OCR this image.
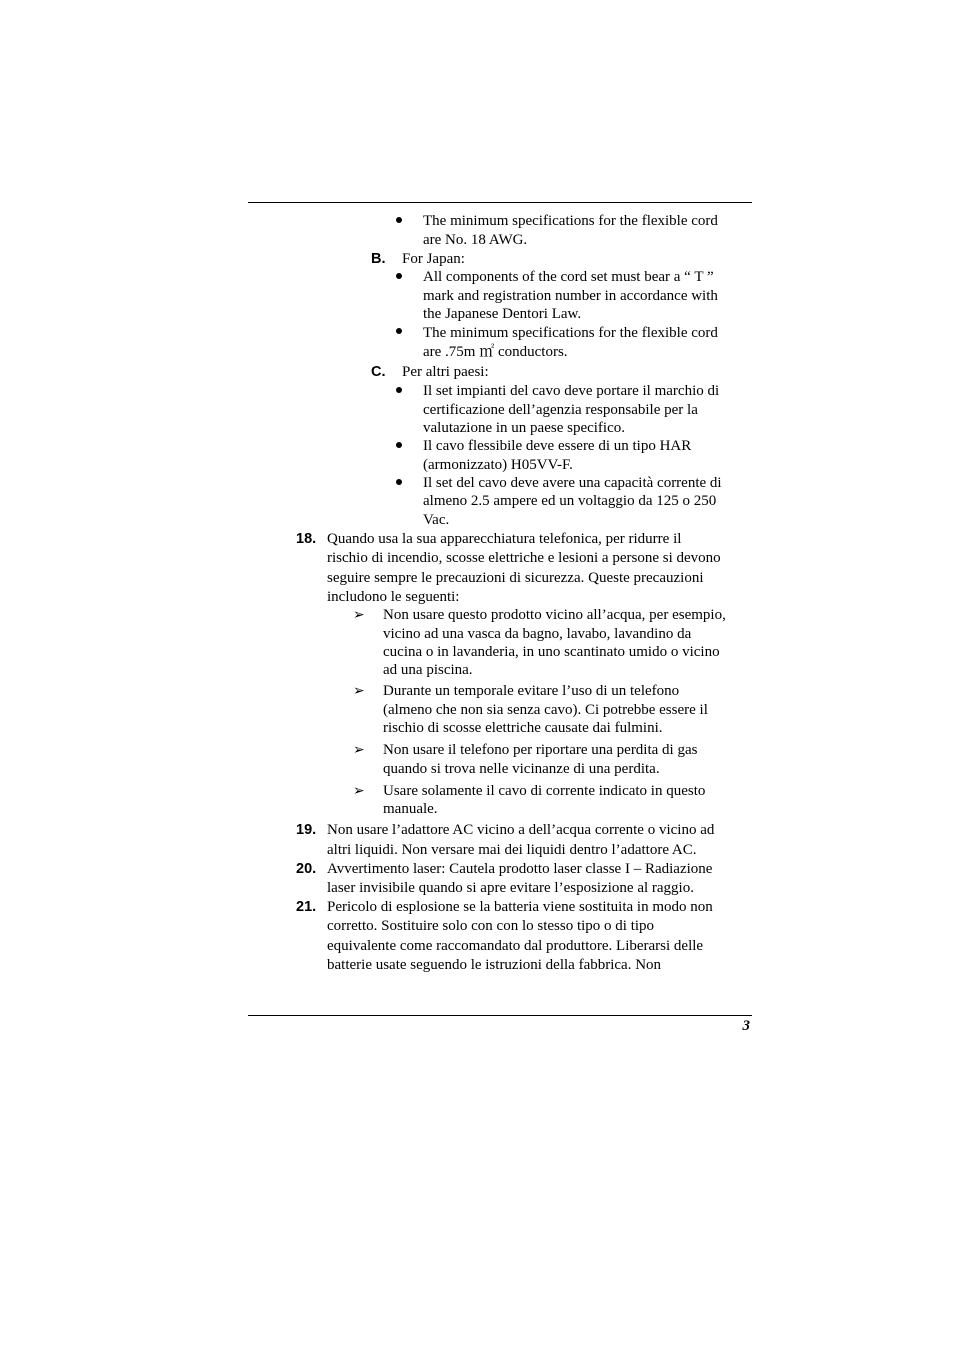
The minimum specifications for the flexible cord
are No. 18 AWG.
B. For Japan:
All components of the cord set must bear a “ T ”
mark and registration number in accordance with
the Japanese Dentori Law.
The minimum specifications for the flexible cord
are .75m ㎡ conductors.
C. Per altri paesi:
Il set impianti del cavo deve portare il marchio di
certificazione dell’agenzia responsabile per la
valutazione in un paese specifico.
Il cavo flessibile deve essere di un tipo HAR
(armonizzato) H05VV-F.
Il set del cavo deve avere una capacità corrente di
almeno 2.5 ampere ed un voltaggio da 125 o 250
Vac.
18. Quando usa la sua apparecchiatura telefonica, per ridurre il
rischio di incendio, scosse elettriche e lesioni a persone si devono
seguire sempre le precauzioni di sicurezza. Queste precauzioni
includono le seguenti:
➢ Non usare questo prodotto vicino all’acqua, per esempio,
vicino ad una vasca da bagno, lavabo, lavandino da
cucina o in lavanderia, in uno scantinato umido o vicino
ad una piscina.
➢ Durante un temporale evitare l’uso di un telefono
(almeno che non sia senza cavo). Ci potrebbe essere il
rischio di scosse elettriche causate dai fulmini.
➢ Non usare il telefono per riportare una perdita di gas
quando si trova nelle vicinanze di una perdita.
➢ Usare solamente il cavo di corrente indicato in questo
manuale.
19. Non usare l’adattore AC vicino a dell’acqua corrente o vicino ad
altri liquidi. Non versare mai dei liquidi dentro l’adattore AC.
20. Avvertimento laser: Cautela prodotto laser classe I – Radiazione
laser invisibile quando si apre evitare l’esposizione al raggio.
21. Pericolo di esplosione se la batteria viene sostituita in modo non
corretto. Sostituire solo con con lo stesso tipo o di tipo
equivalente come raccomandato dal produttore. Liberarsi delle
batterie usate seguendo le istruzioni della fabbrica. Non
3
